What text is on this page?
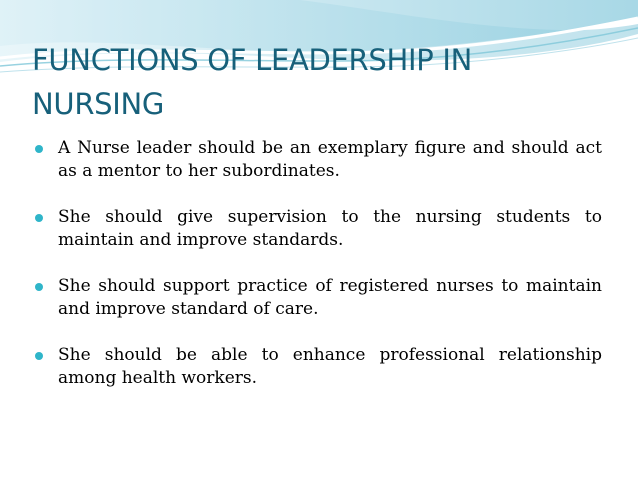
FUNCTIONS OF LEADERSHIP IN NURSING
A Nurse leader should be an exemplary figure and should act as a mentor to her subordinates.
She should give supervision to the nursing students to maintain and improve standards.
She should support practice of registered nurses to maintain and improve standard of care.
She should be able to enhance professional relationship among health workers.
